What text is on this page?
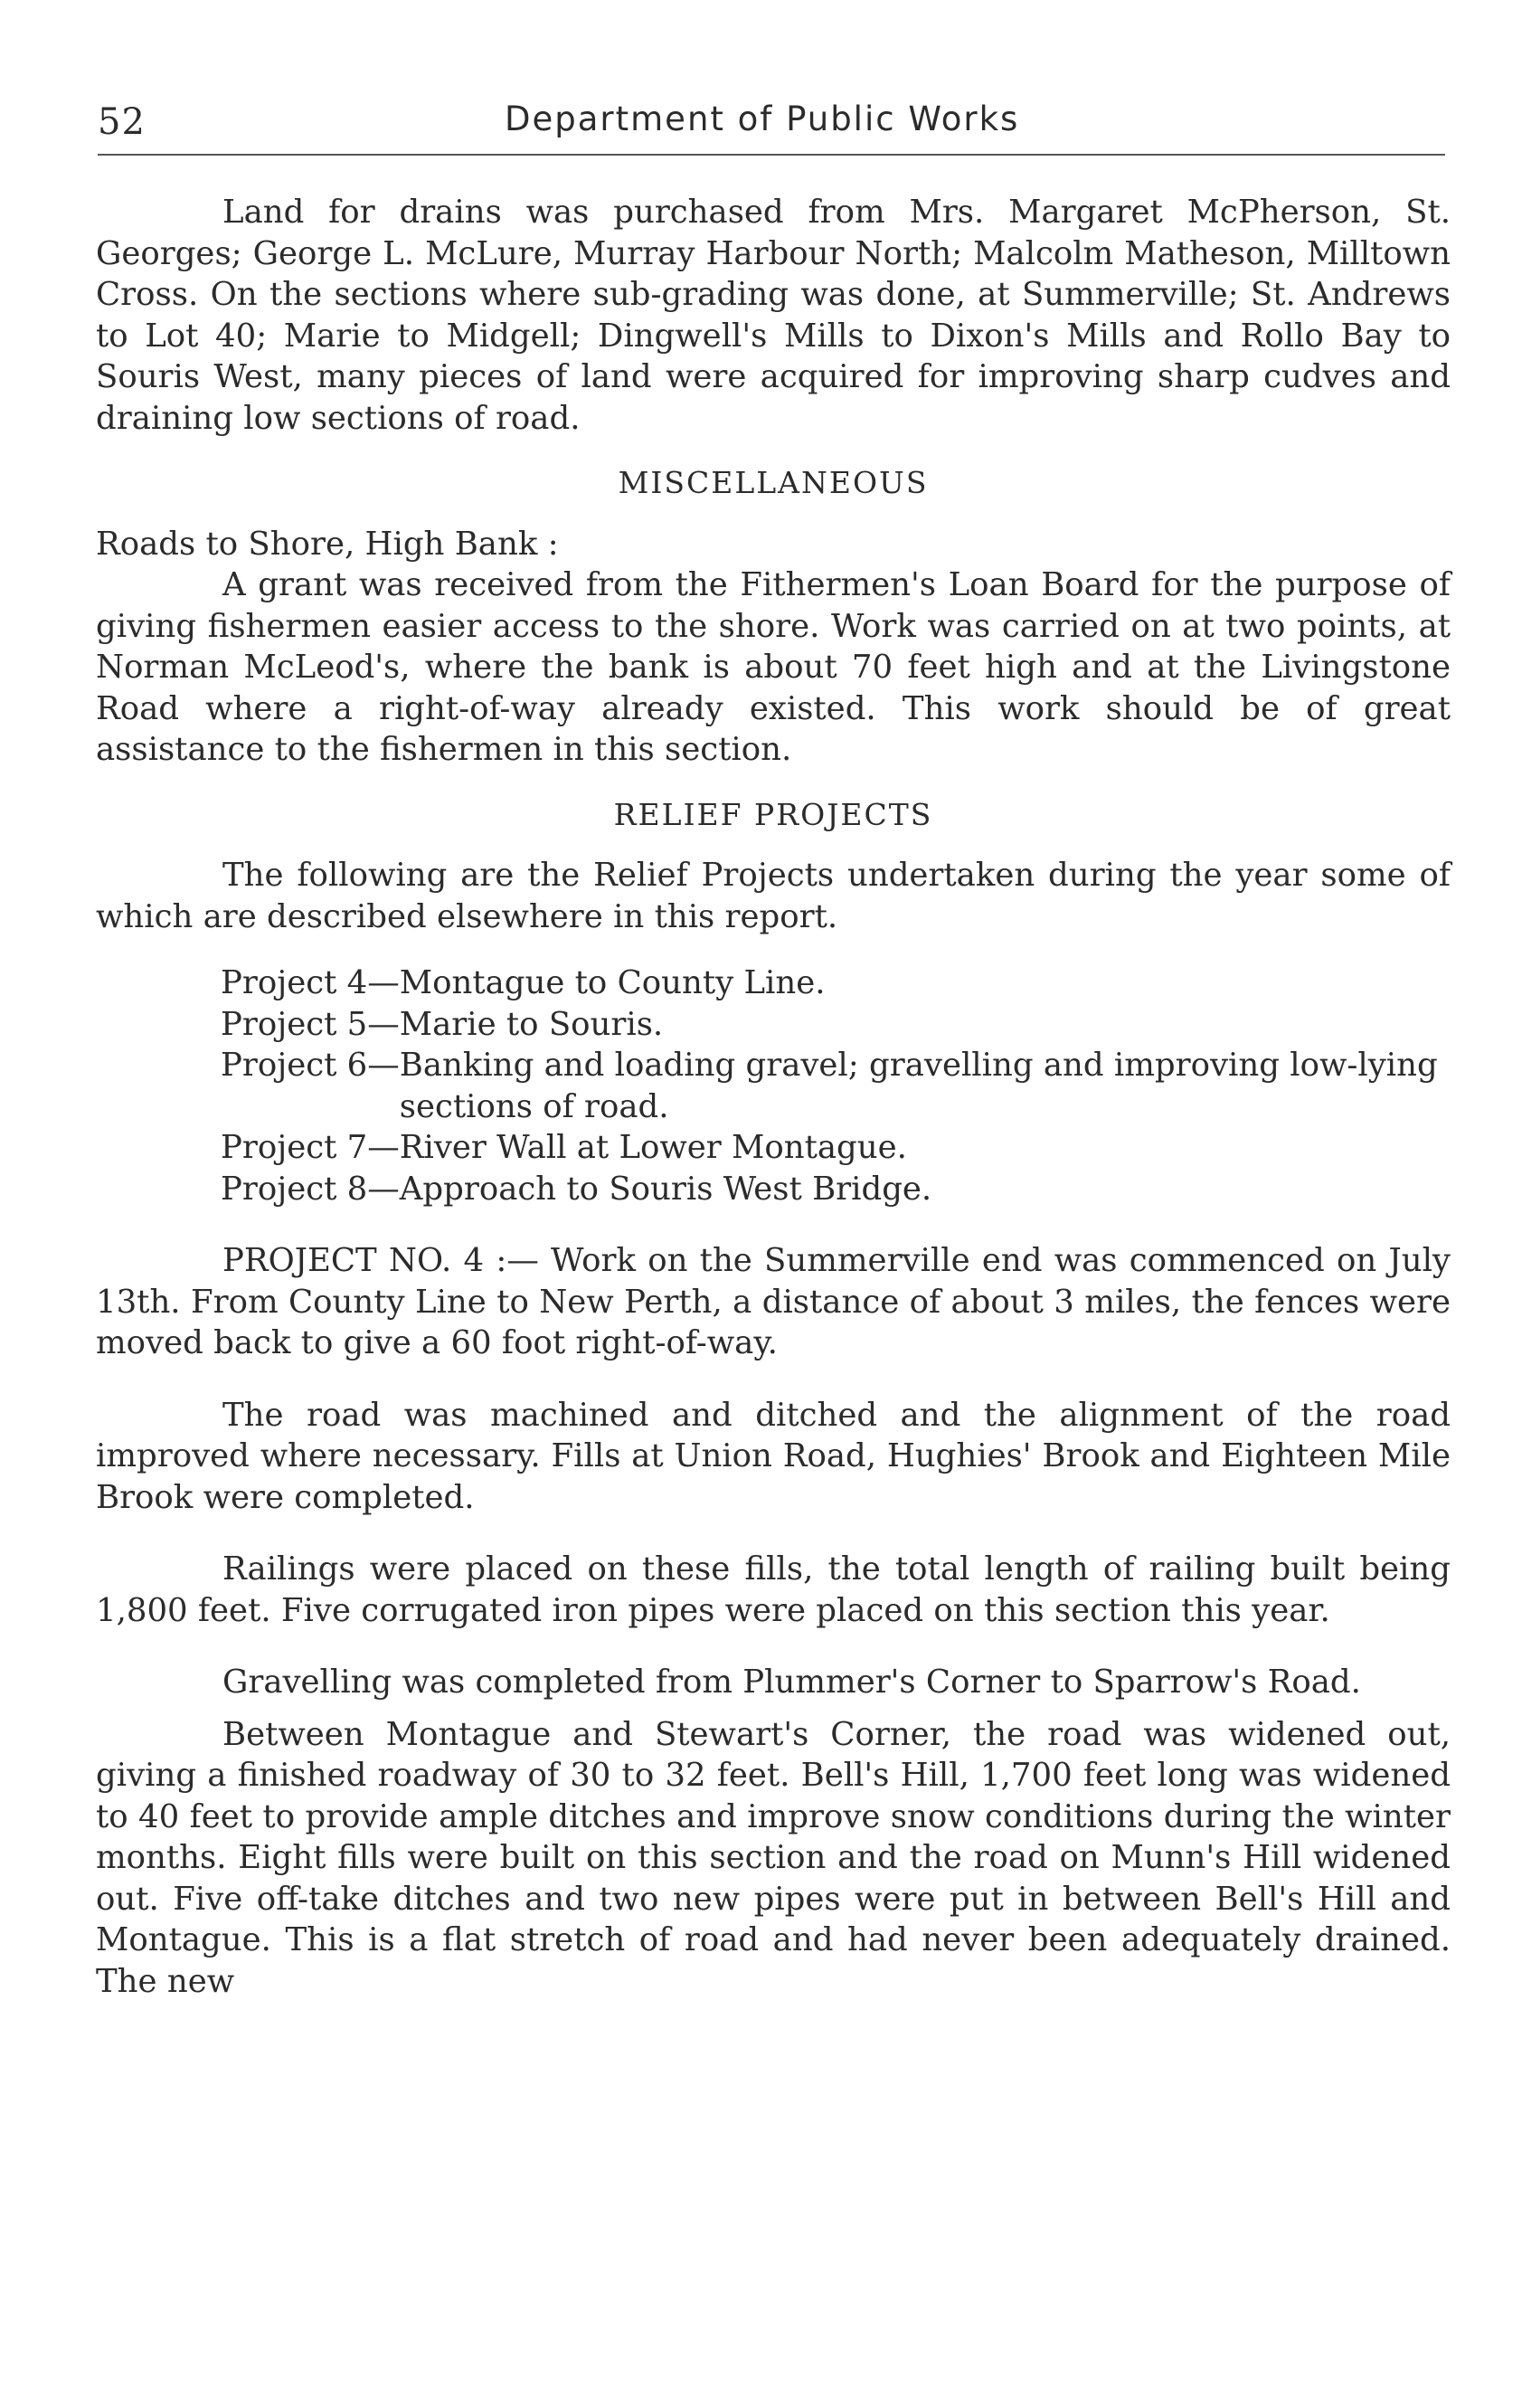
52	Department of Public Works

Land for drains was purchased from Mrs. Margaret McPherson, St. Georges; George L. McLure, Murray Harbour North; Malcolm Matheson, Milltown Cross. On the sections where sub-grading was done, at Summerville; St. Andrews to Lot 40; Marie to Midgell; Dingwell's Mills to Dixon's Mills and Rollo Bay to Souris West, many pieces of land were acquired for improving sharp cudves and draining low sections of road.

MISCELLANEOUS

Roads to Shore, High Bank :

A grant was received from the Fithermen's Loan Board for the purpose of giving fishermen easier access to the shore. Work was carried on at two points, at Norman McLeod's, where the bank is about 70 feet high and at the Livingstone Road where a right-of-way already existed. This work should be of great assistance to the fishermen in this section.

RELIEF PROJECTS

The following are the Relief Projects undertaken during the year some of which are described elsewhere in this report.

Project 4— Montague to County Line.
Project 5— Marie to Souris.
Project 6— Banking and loading gravel; gravelling and improving low-lying sections of road.
Project 7— River Wall at Lower Montague.
Project 8— Approach to Souris West Bridge.

PROJECT NO. 4 :— Work on the Summerville end was commenced on July 13th. From County Line to New Perth, a distance of about 3 miles, the fences were moved back to give a 60 foot right-of-way.

The road was machined and ditched and the alignment of the road improved where necessary. Fills at Union Road, Hughies' Brook and Eighteen Mile Brook were completed.

Railings were placed on these fills, the total length of railing built being 1,800 feet. Five corrugated iron pipes were placed on this section this year.

Gravelling was completed from Plummer's Corner to Sparrow's Road.

Between Montague and Stewart's Corner, the road was widened out, giving a finished roadway of 30 to 32 feet. Bell's Hill, 1,700 feet long was widened to 40 feet to provide ample ditches and improve snow conditions during the winter months. Eight fills were built on this section and the road on Munn's Hill widened out. Five off-take ditches and two new pipes were put in between Bell's Hill and Montague. This is a flat stretch of road and had never been adequately drained. The new
